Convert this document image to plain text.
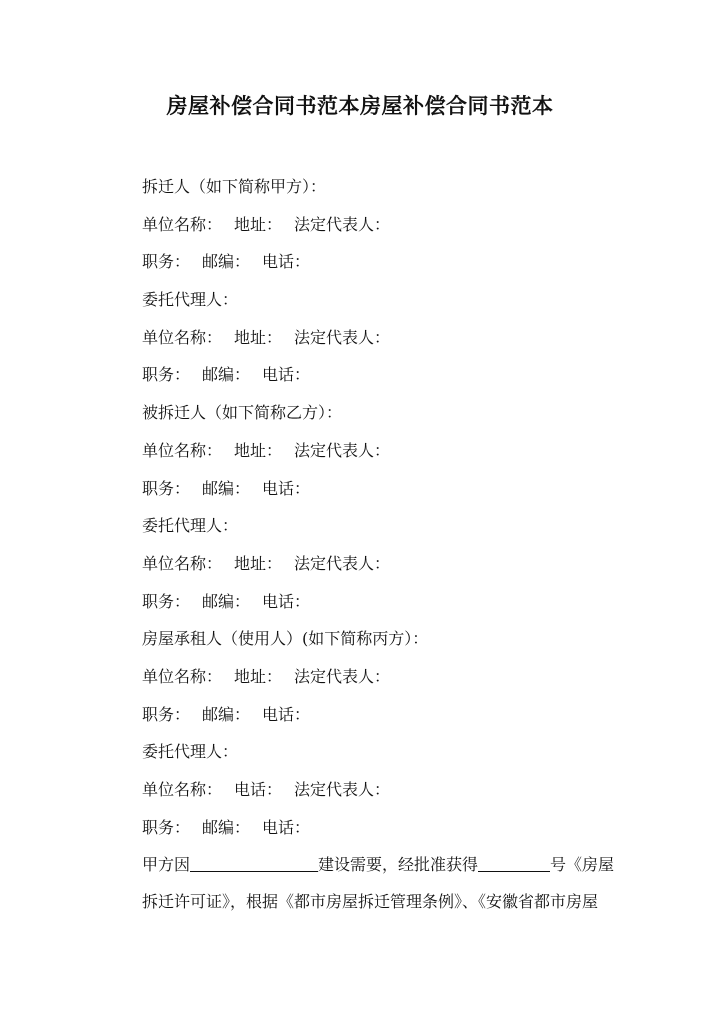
房屋补偿合同书范本房屋补偿合同书范本
拆迁人（如下简称甲方）：
单位名称： 地址： 法定代表人：
职务： 邮编： 电话：
委托代理人：
单位名称： 地址： 法定代表人：
职务： 邮编： 电话：
被拆迁人（如下简称乙方）：
单位名称： 地址： 法定代表人：
职务： 邮编： 电话：
委托代理人：
单位名称： 地址： 法定代表人：
职务： 邮编： 电话：
房屋承租人（使用人）(如下简称丙方）：
单位名称： 地址： 法定代表人：
职务： 邮编： 电话：
委托代理人：
单位名称： 电话： 法定代表人：
职务： 邮编： 电话：
甲方因	建设需要，经批准获得	号《房屋拆迁许可证》，根据《都市房屋拆迁管理条例》、《安徽省都市房屋
